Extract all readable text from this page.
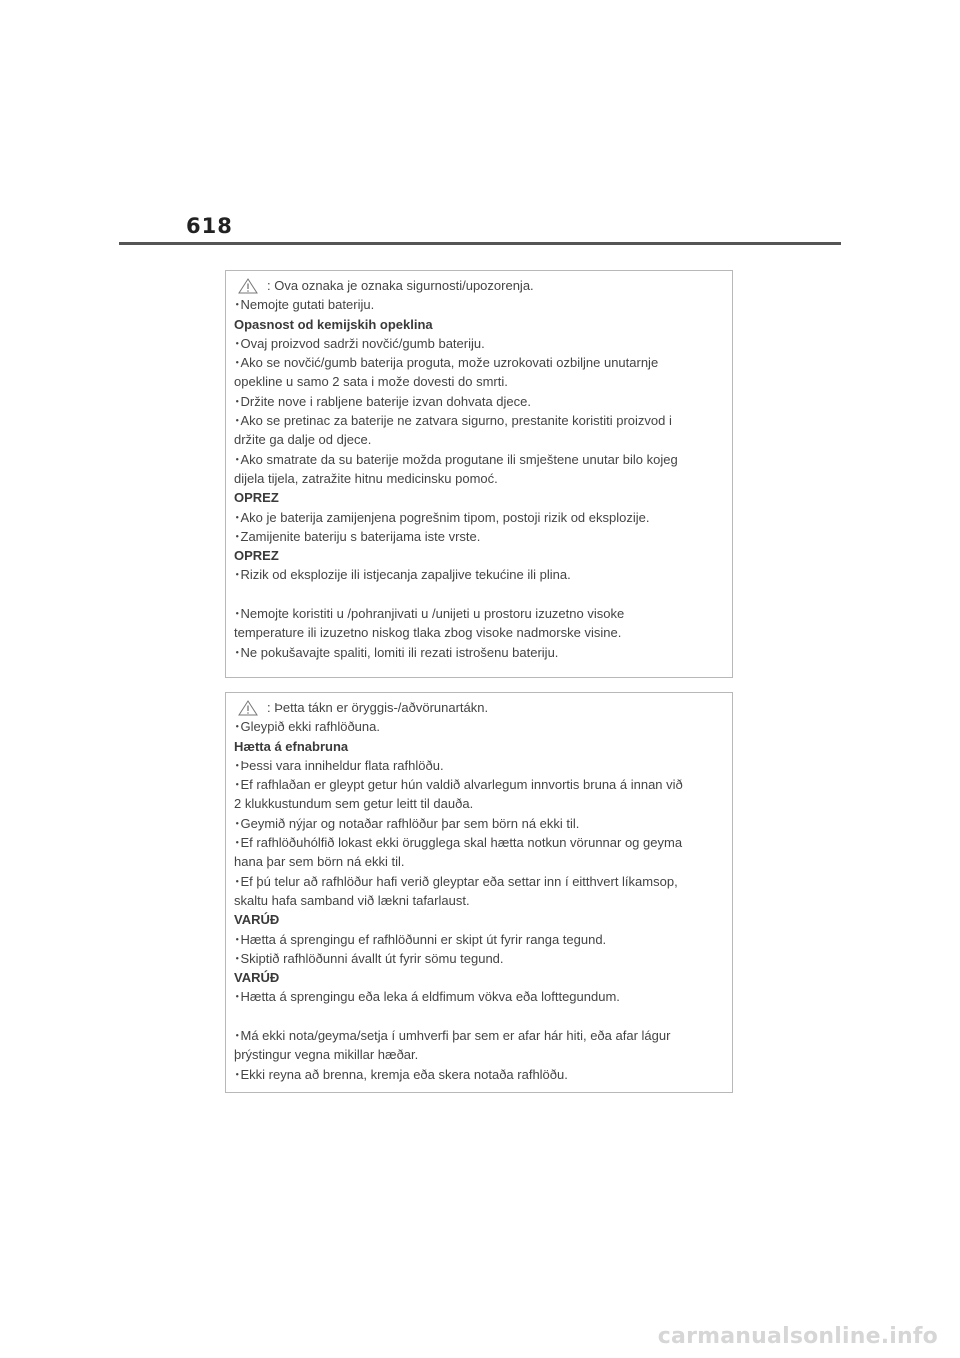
618
: Ova oznaka je oznaka sigurnosti/upozorenja.
･Nemojte gutati bateriju.
Opasnost od kemijskih opeklina
･Ovaj proizvod sadrži novčić/gumb bateriju.
･Ako se novčić/gumb baterija proguta, može uzrokovati ozbiljne unutarnje
opekline u samo 2 sata i može dovesti do smrti.
･Držite nove i rabljene baterije izvan dohvata djece.
･Ako se pretinac za baterije ne zatvara sigurno, prestanite koristiti proizvod i
držite ga dalje od djece.
･Ako smatrate da su baterije možda progutane ili smještene unutar bilo kojeg
dijela tijela, zatražite hitnu medicinsku pomoć.
OPREZ
･Ako je baterija zamijenjena pogrešnim tipom, postoji rizik od eksplozije.
･Zamijenite bateriju s baterijama iste vrste.
OPREZ
･Rizik od eksplozije ili istjecanja zapaljive tekućine ili plina.
･Nemojte koristiti u /pohranjivati u /unijeti u prostoru izuzetno visoke
temperature ili izuzetno niskog tlaka zbog visoke nadmorske visine.
･Ne pokušavajte spaliti, lomiti ili rezati istrošenu bateriju.
: Þetta tákn er öryggis-/aðvörunartákn.
･Gleypið ekki rafhlöðuna.
Hætta á efnabruna
･Þessi vara inniheldur flata rafhlöðu.
･Ef rafhlaðan er gleypt getur hún valdið alvarlegum innvortis bruna á innan við
2 klukkustundum sem getur leitt til dauða.
･Geymið nýjar og notaðar rafhlöður þar sem börn ná ekki til.
･Ef rafhlöðuhólfið lokast ekki örugglega skal hætta notkun vörunnar og geyma
hana þar sem börn ná ekki til.
･Ef þú telur að rafhlöður hafi verið gleyptar eða settar inn í eitthvert líkamsop,
skaltu hafa samband við lækni tafarlaust.
VARÚÐ
･Hætta á sprengingu ef rafhlöðunni er skipt út fyrir ranga tegund.
･Skiptið rafhlöðunni ávallt út fyrir sömu tegund.
VARÚÐ
･Hætta á sprengingu eða leka á eldfimum vökva eða lofttegundum.
･Má ekki nota/geyma/setja í umhverfi þar sem er afar hár hiti, eða afar lágur
þrýstingur vegna mikillar hæðar.
･Ekki reyna að brenna, kremja eða skera notaða rafhlöðu.
carmanualsonline.info
